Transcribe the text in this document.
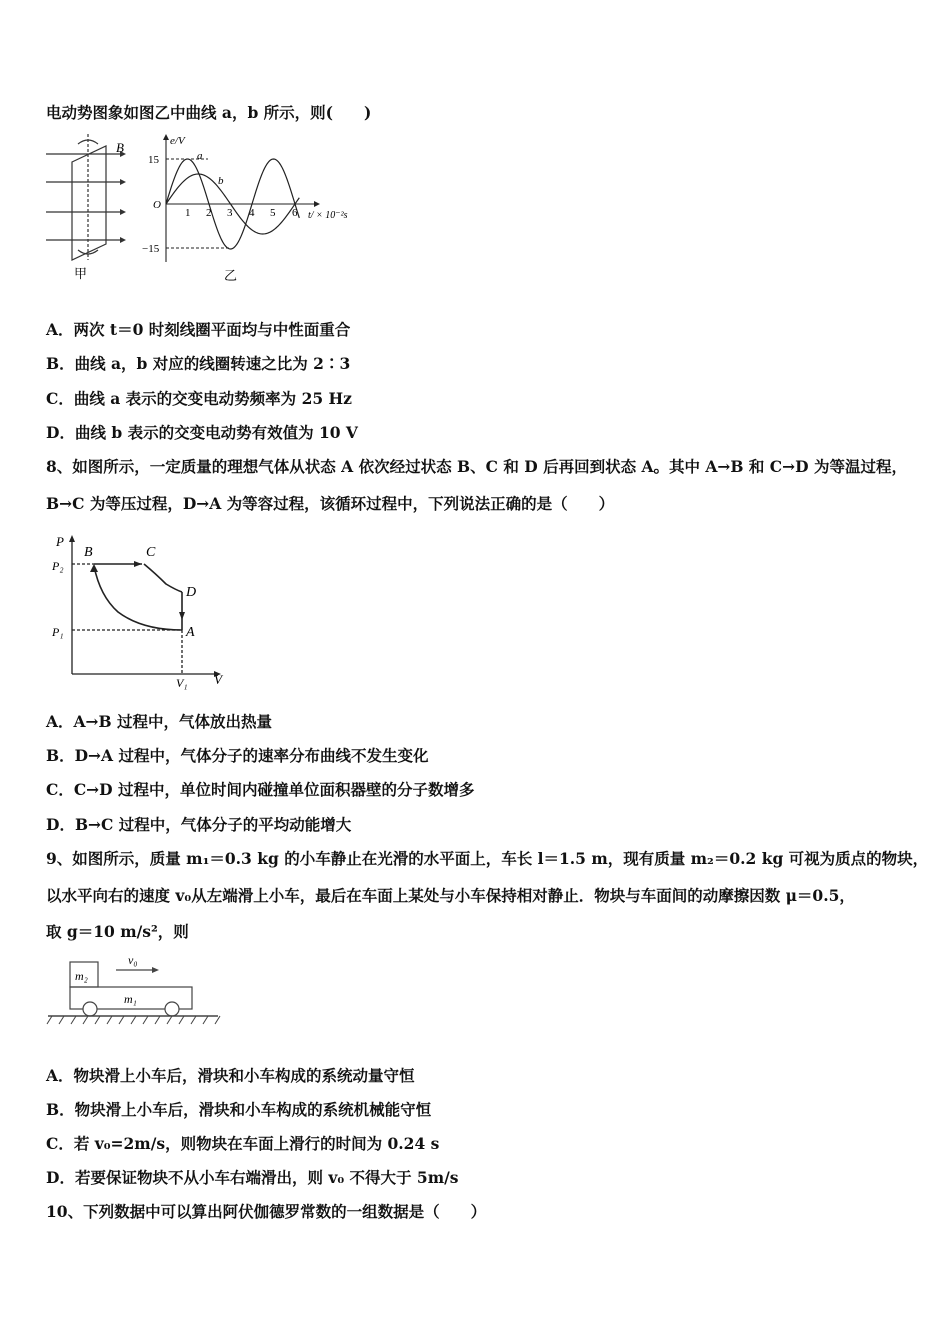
电动势图象如图乙中曲线 a，b 所示，则(　　)
B
甲
e/V
15
−15
O
a
b
1 2 3 4 5 6 t/ × 10⁻²s
乙
A．两次 t＝0 时刻线圈平面均与中性面重合
B．曲线 a，b 对应的线圈转速之比为 2∶3
C．曲线 a 表示的交变电动势频率为 25 Hz
D．曲线 b 表示的交变电动势有效值为 10 V
8、如图所示，一定质量的理想气体从状态 A 依次经过状态 B、C 和 D 后再回到状态 A。其中 A→B 和 C→D 为等温过程，
B→C 为等压过程，D→A 为等容过程，该循环过程中，下列说法正确的是（　　）
P
V
P₂
P₁
V₁
B	C
D
A
A．A→B 过程中，气体放出热量
B．D→A 过程中，气体分子的速率分布曲线不发生变化
C．C→D 过程中，单位时间内碰撞单位面积器壁的分子数增多
D．B→C 过程中，气体分子的平均动能增大
9、如图所示，质量 m₁＝0.3 kg 的小车静止在光滑的水平面上，车长 l＝1.5 m，现有质量 m₂＝0.2 kg 可视为质点的物块，
以水平向右的速度 v₀从左端滑上小车，最后在车面上某处与小车保持相对静止．物块与车面间的动摩擦因数 μ＝0.5，
取 g＝10 m/s²，则
m₂
m₁
v₀
A．物块滑上小车后，滑块和小车构成的系统动量守恒
B．物块滑上小车后，滑块和小车构成的系统机械能守恒
C．若 v₀=2m/s，则物块在车面上滑行的时间为 0.24 s
D．若要保证物块不从小车右端滑出，则 v₀ 不得大于 5m/s
10、下列数据中可以算出阿伏伽德罗常数的一组数据是（　　）
